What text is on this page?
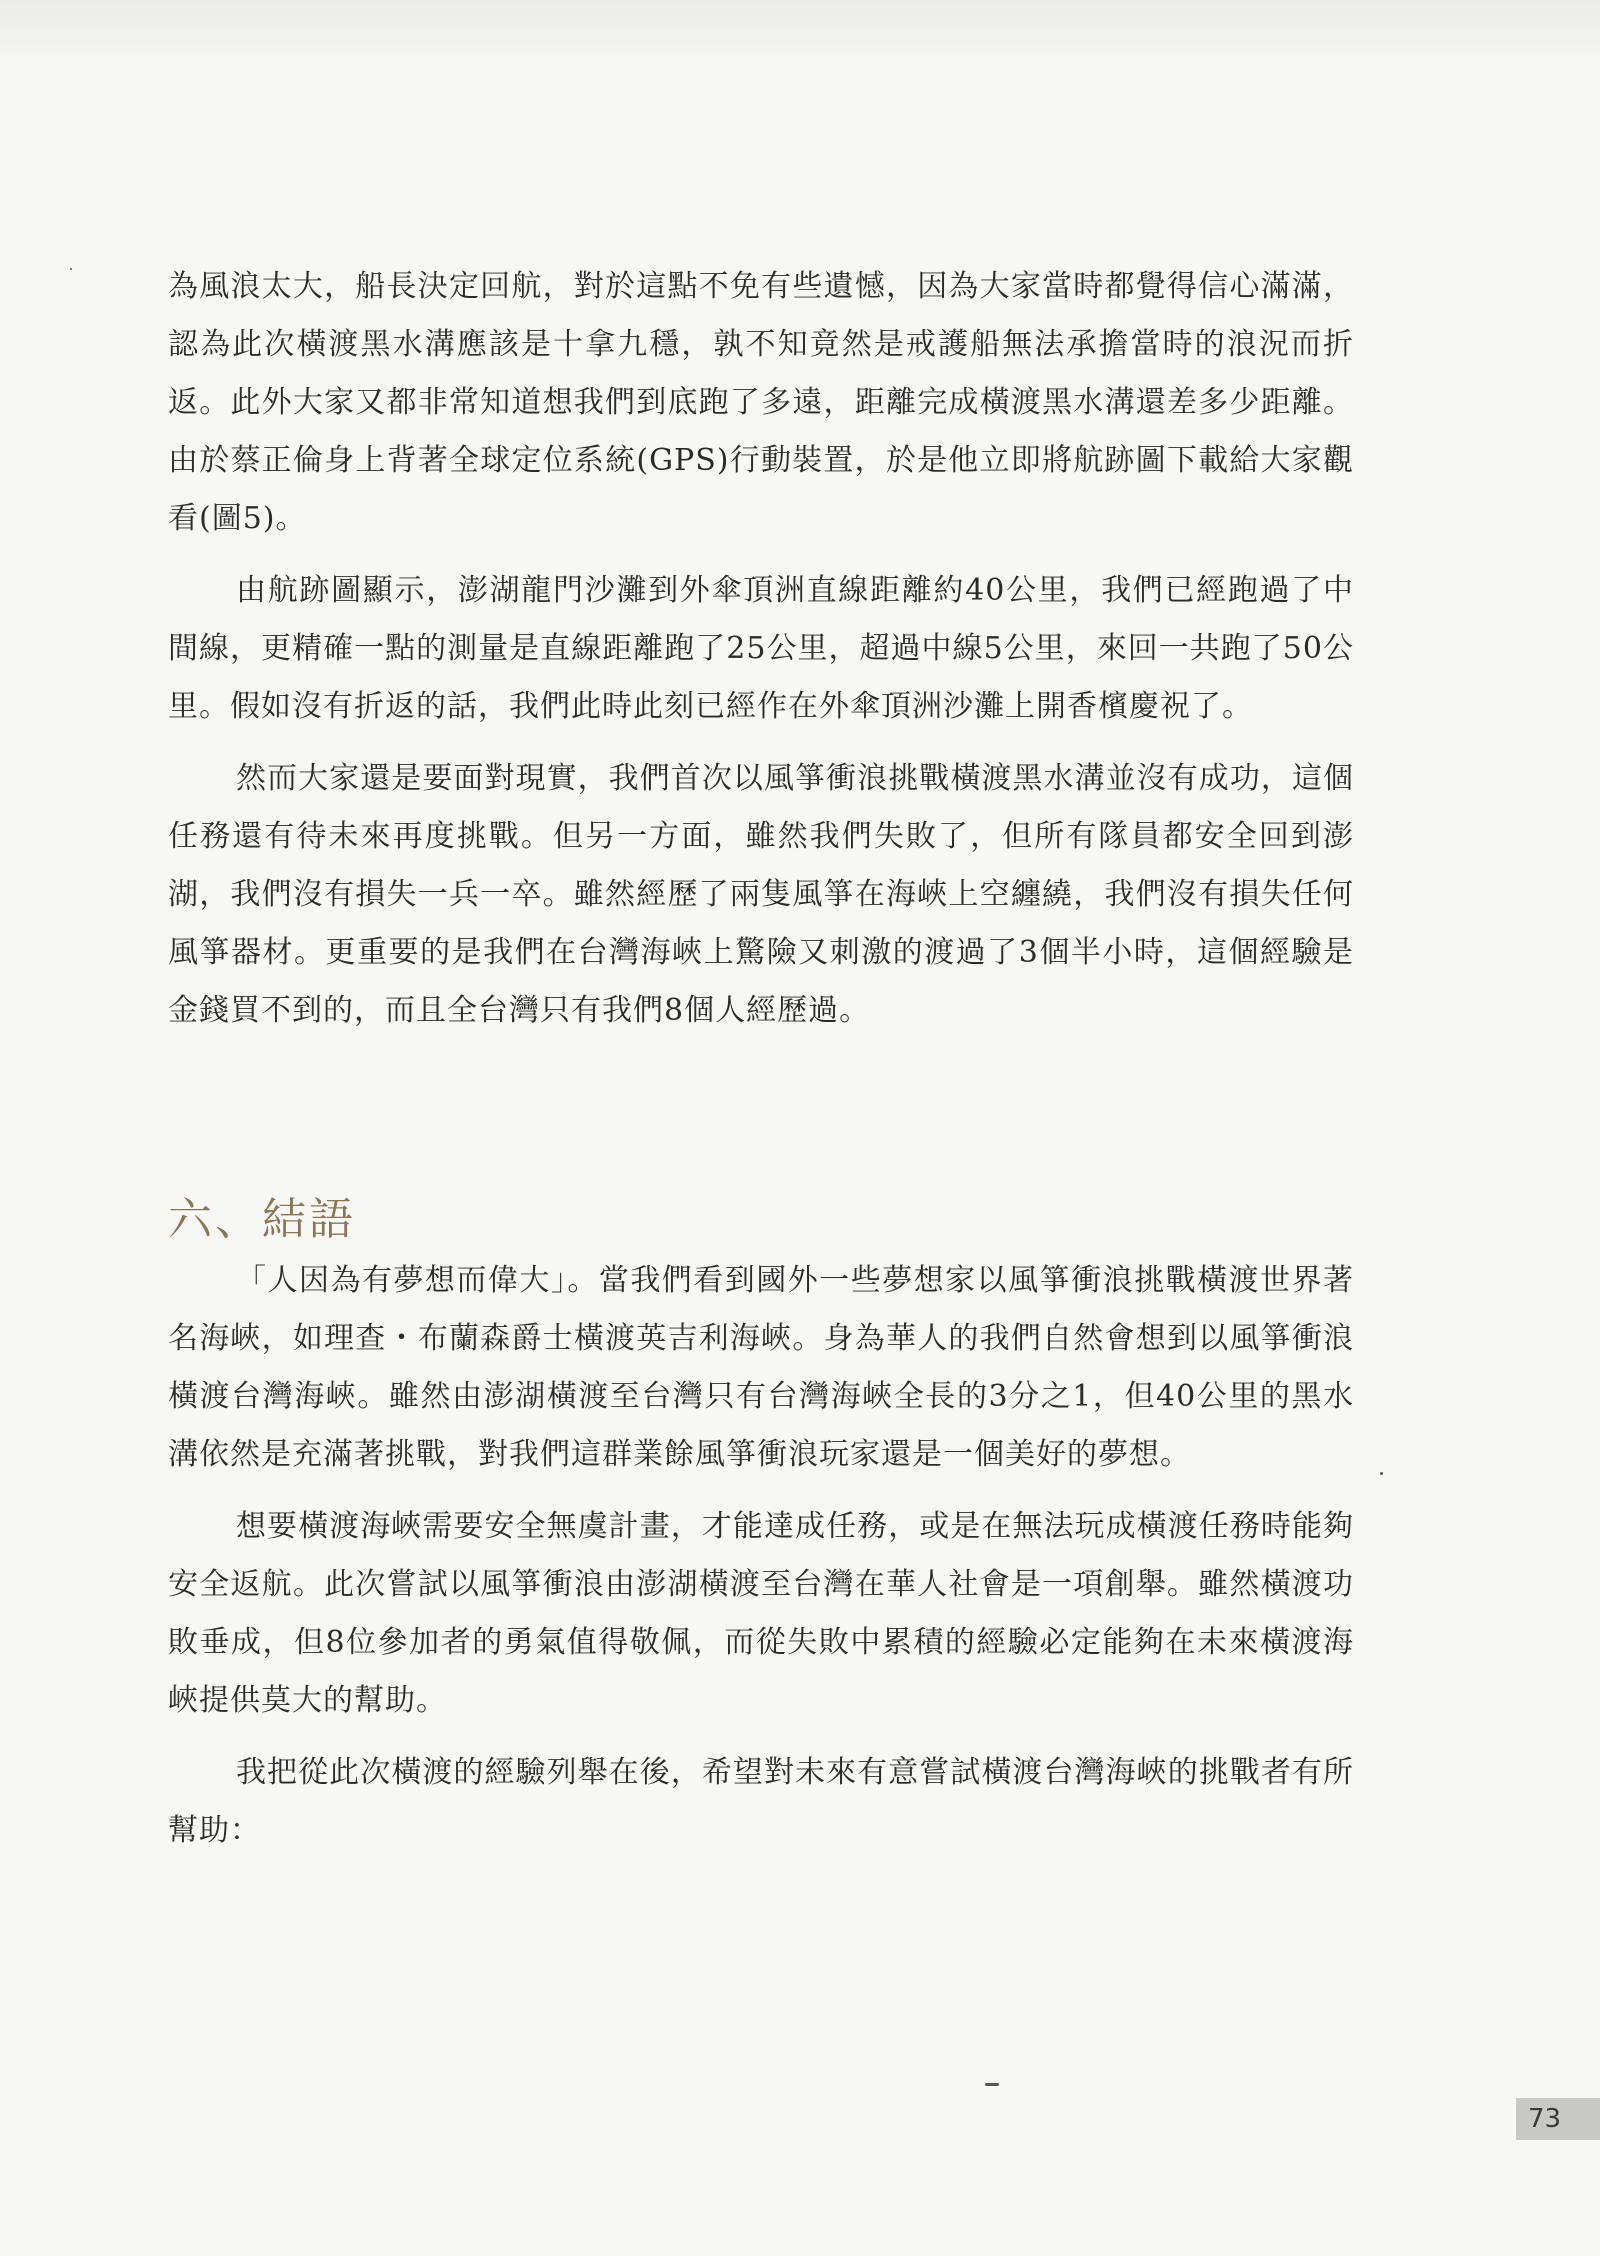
為風浪太大，船長決定回航，對於這點不免有些遺憾，因為大家當時都覺得信心滿滿，認為此次橫渡黑水溝應該是十拿九穩，孰不知竟然是戒護船無法承擔當時的浪況而折返。此外大家又都非常知道想我們到底跑了多遠，距離完成橫渡黑水溝還差多少距離。由於蔡正倫身上背著全球定位系統(GPS)行動裝置，於是他立即將航跡圖下載給大家觀看(圖5)。

由航跡圖顯示，澎湖龍門沙灘到外傘頂洲直線距離約40公里，我們已經跑過了中間線，更精確一點的測量是直線距離跑了25公里，超過中線5公里，來回一共跑了50公里。假如沒有折返的話，我們此時此刻已經作在外傘頂洲沙灘上開香檳慶祝了。

然而大家還是要面對現實，我們首次以風箏衝浪挑戰橫渡黑水溝並沒有成功，這個任務還有待未來再度挑戰。但另一方面，雖然我們失敗了，但所有隊員都安全回到澎湖，我們沒有損失一兵一卒。雖然經歷了兩隻風箏在海峽上空纏繞，我們沒有損失任何風箏器材。更重要的是我們在台灣海峽上驚險又刺激的渡過了3個半小時，這個經驗是金錢買不到的，而且全台灣只有我們8個人經歷過。

六、結語

「人因為有夢想而偉大」。當我們看到國外一些夢想家以風箏衝浪挑戰橫渡世界著名海峽，如理查・布蘭森爵士橫渡英吉利海峽。身為華人的我們自然會想到以風箏衝浪橫渡台灣海峽。雖然由澎湖橫渡至台灣只有台灣海峽全長的3分之1，但40公里的黑水溝依然是充滿著挑戰，對我們這群業餘風箏衝浪玩家還是一個美好的夢想。

想要橫渡海峽需要安全無虞計畫，才能達成任務，或是在無法玩成橫渡任務時能夠安全返航。此次嘗試以風箏衝浪由澎湖橫渡至台灣在華人社會是一項創舉。雖然橫渡功敗垂成，但8位參加者的勇氣值得敬佩，而從失敗中累積的經驗必定能夠在未來橫渡海峽提供莫大的幫助。

我把從此次橫渡的經驗列舉在後，希望對未來有意嘗試橫渡台灣海峽的挑戰者有所幫助：

73
